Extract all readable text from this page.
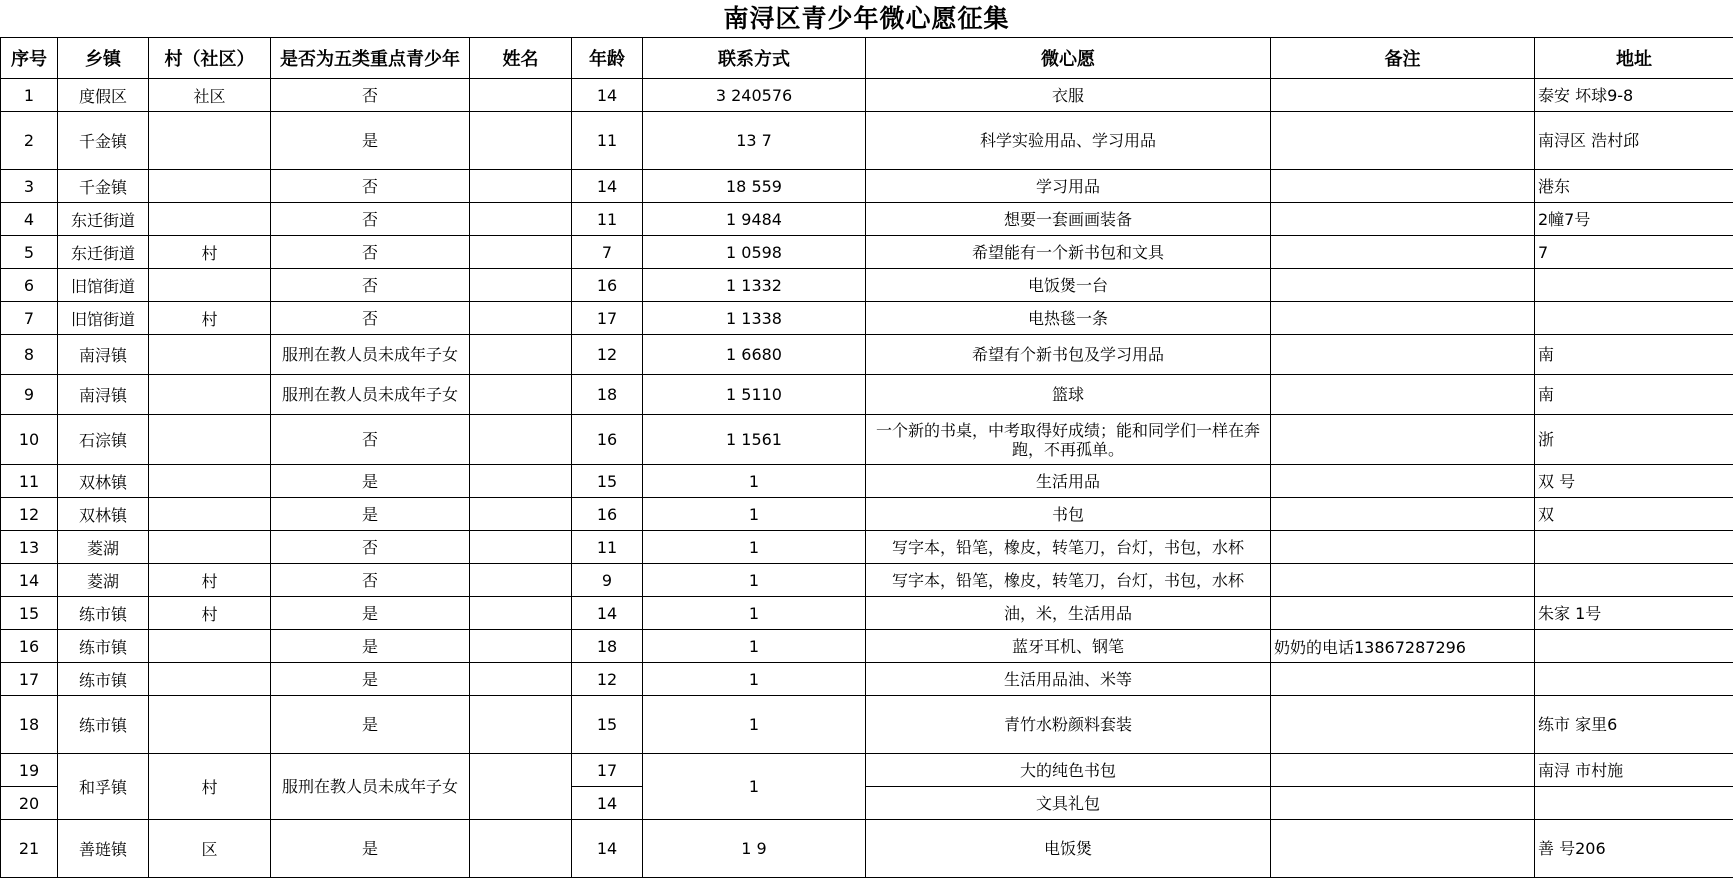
南浔区青少年微心愿征集
序号	乡镇	村（社区）	是否为五类重点青少年	姓名	年龄	联系方式	微心愿	备注	地址
1	度假区	社区	否		14	3 240576	衣服		泰安 坏球9-8
2	千金镇		是		11	13 7	科学实验用品、学习用品		南浔区 浩村邱
3	千金镇		否		14	18 559	学习用品		港东
4	东迁街道		否		11	1 9484	想要一套画画装备		2幢7号
5	东迁街道	村	否		7	1 0598	希望能有一个新书包和文具		7
6	旧馆街道		否		16	1 1332	电饭煲一台		
7	旧馆街道	村	否		17	1 1338	电热毯一条		
8	南浔镇		服刑在教人员未成年子女		12	1 6680	希望有个新书包及学习用品		南
9	南浔镇		服刑在教人员未成年子女		18	1 5110	篮球		南
10	石淙镇		否		16	1 1561	一个新的书桌，中考取得好成绩；能和同学们一样在奔跑，不再孤单。		浙
11	双林镇		是		15	1	生活用品		双 号
12	双林镇		是		16	1	书包		双
13	菱湖		否		11	1	写字本，铅笔，橡皮，转笔刀，台灯，书包，水杯		
14	菱湖	村	否		9	1	写字本，铅笔，橡皮，转笔刀，台灯，书包，水杯		
15	练市镇	村	是		14	1	油，米，生活用品		朱家 1号
16	练市镇		是		18	1	蓝牙耳机、钢笔	奶奶的电话13867287296	
17	练市镇		是		12	1	生活用品油、米等		
18	练市镇		是		15	1	青竹水粉颜料套装		练市 家里6
19	和孚镇	村	服刑在教人员未成年子女		17	1	大的纯色书包		南浔 市村施
20					14		文具礼包		
21	善琏镇	区	是		14	1 9	电饭煲		善 号206
